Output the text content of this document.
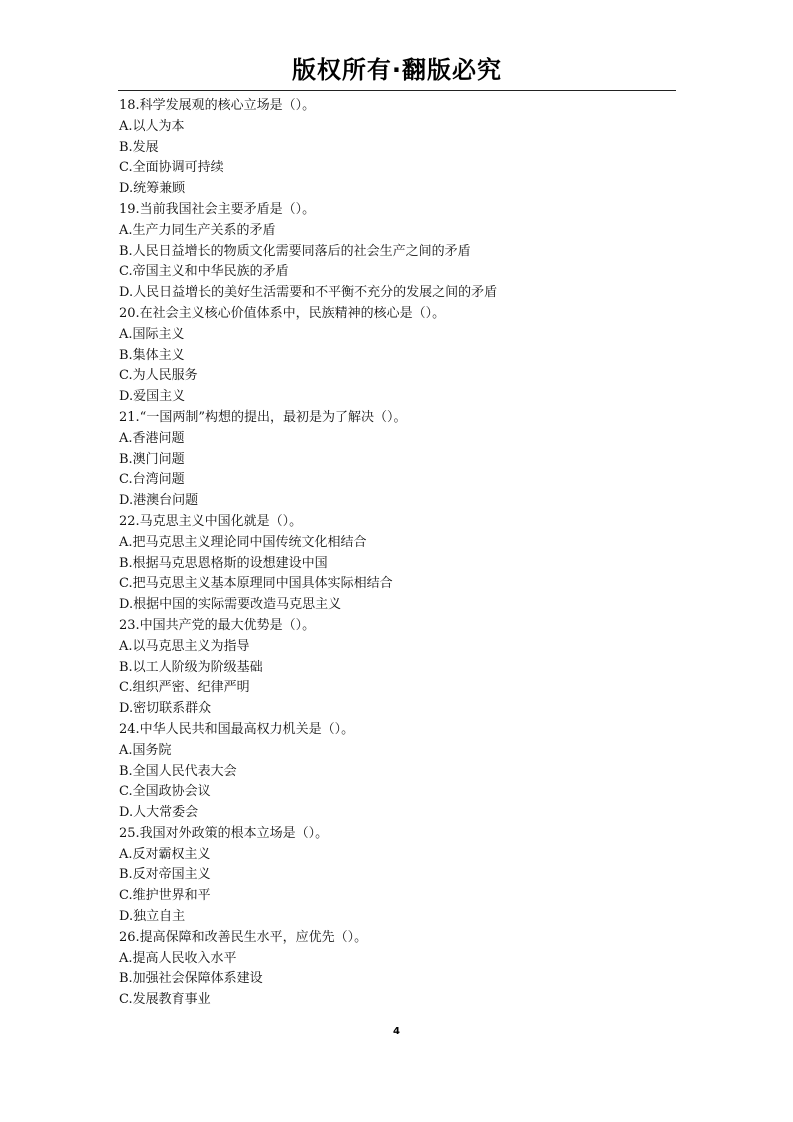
版权所有·翻版必究
18.科学发展观的核心立场是（）。
A.以人为本
B.发展
C.全面协调可持续
D.统筹兼顾
19.当前我国社会主要矛盾是（）。
A.生产力同生产关系的矛盾
B.人民日益增长的物质文化需要同落后的社会生产之间的矛盾
C.帝国主义和中华民族的矛盾
D.人民日益增长的美好生活需要和不平衡不充分的发展之间的矛盾
20.在社会主义核心价值体系中，民族精神的核心是（）。
A.国际主义
B.集体主义
C.为人民服务
D.爱国主义
21.“一国两制”构想的提出，最初是为了解决（）。
A.香港问题
B.澳门问题
C.台湾问题
D.港澳台问题
22.马克思主义中国化就是（）。
A.把马克思主义理论同中国传统文化相结合
B.根据马克思恩格斯的设想建设中国
C.把马克思主义基本原理同中国具体实际相结合
D.根据中国的实际需要改造马克思主义
23.中国共产党的最大优势是（）。
A.以马克思主义为指导
B.以工人阶级为阶级基础
C.组织严密、纪律严明
D.密切联系群众
24.中华人民共和国最高权力机关是（）。
A.国务院
B.全国人民代表大会
C.全国政协会议
D.人大常委会
25.我国对外政策的根本立场是（）。
A.反对霸权主义
B.反对帝国主义
C.维护世界和平
D.独立自主
26.提高保障和改善民生水平，应优先（）。
A.提高人民收入水平
B.加强社会保障体系建设
C.发展教育事业
4
